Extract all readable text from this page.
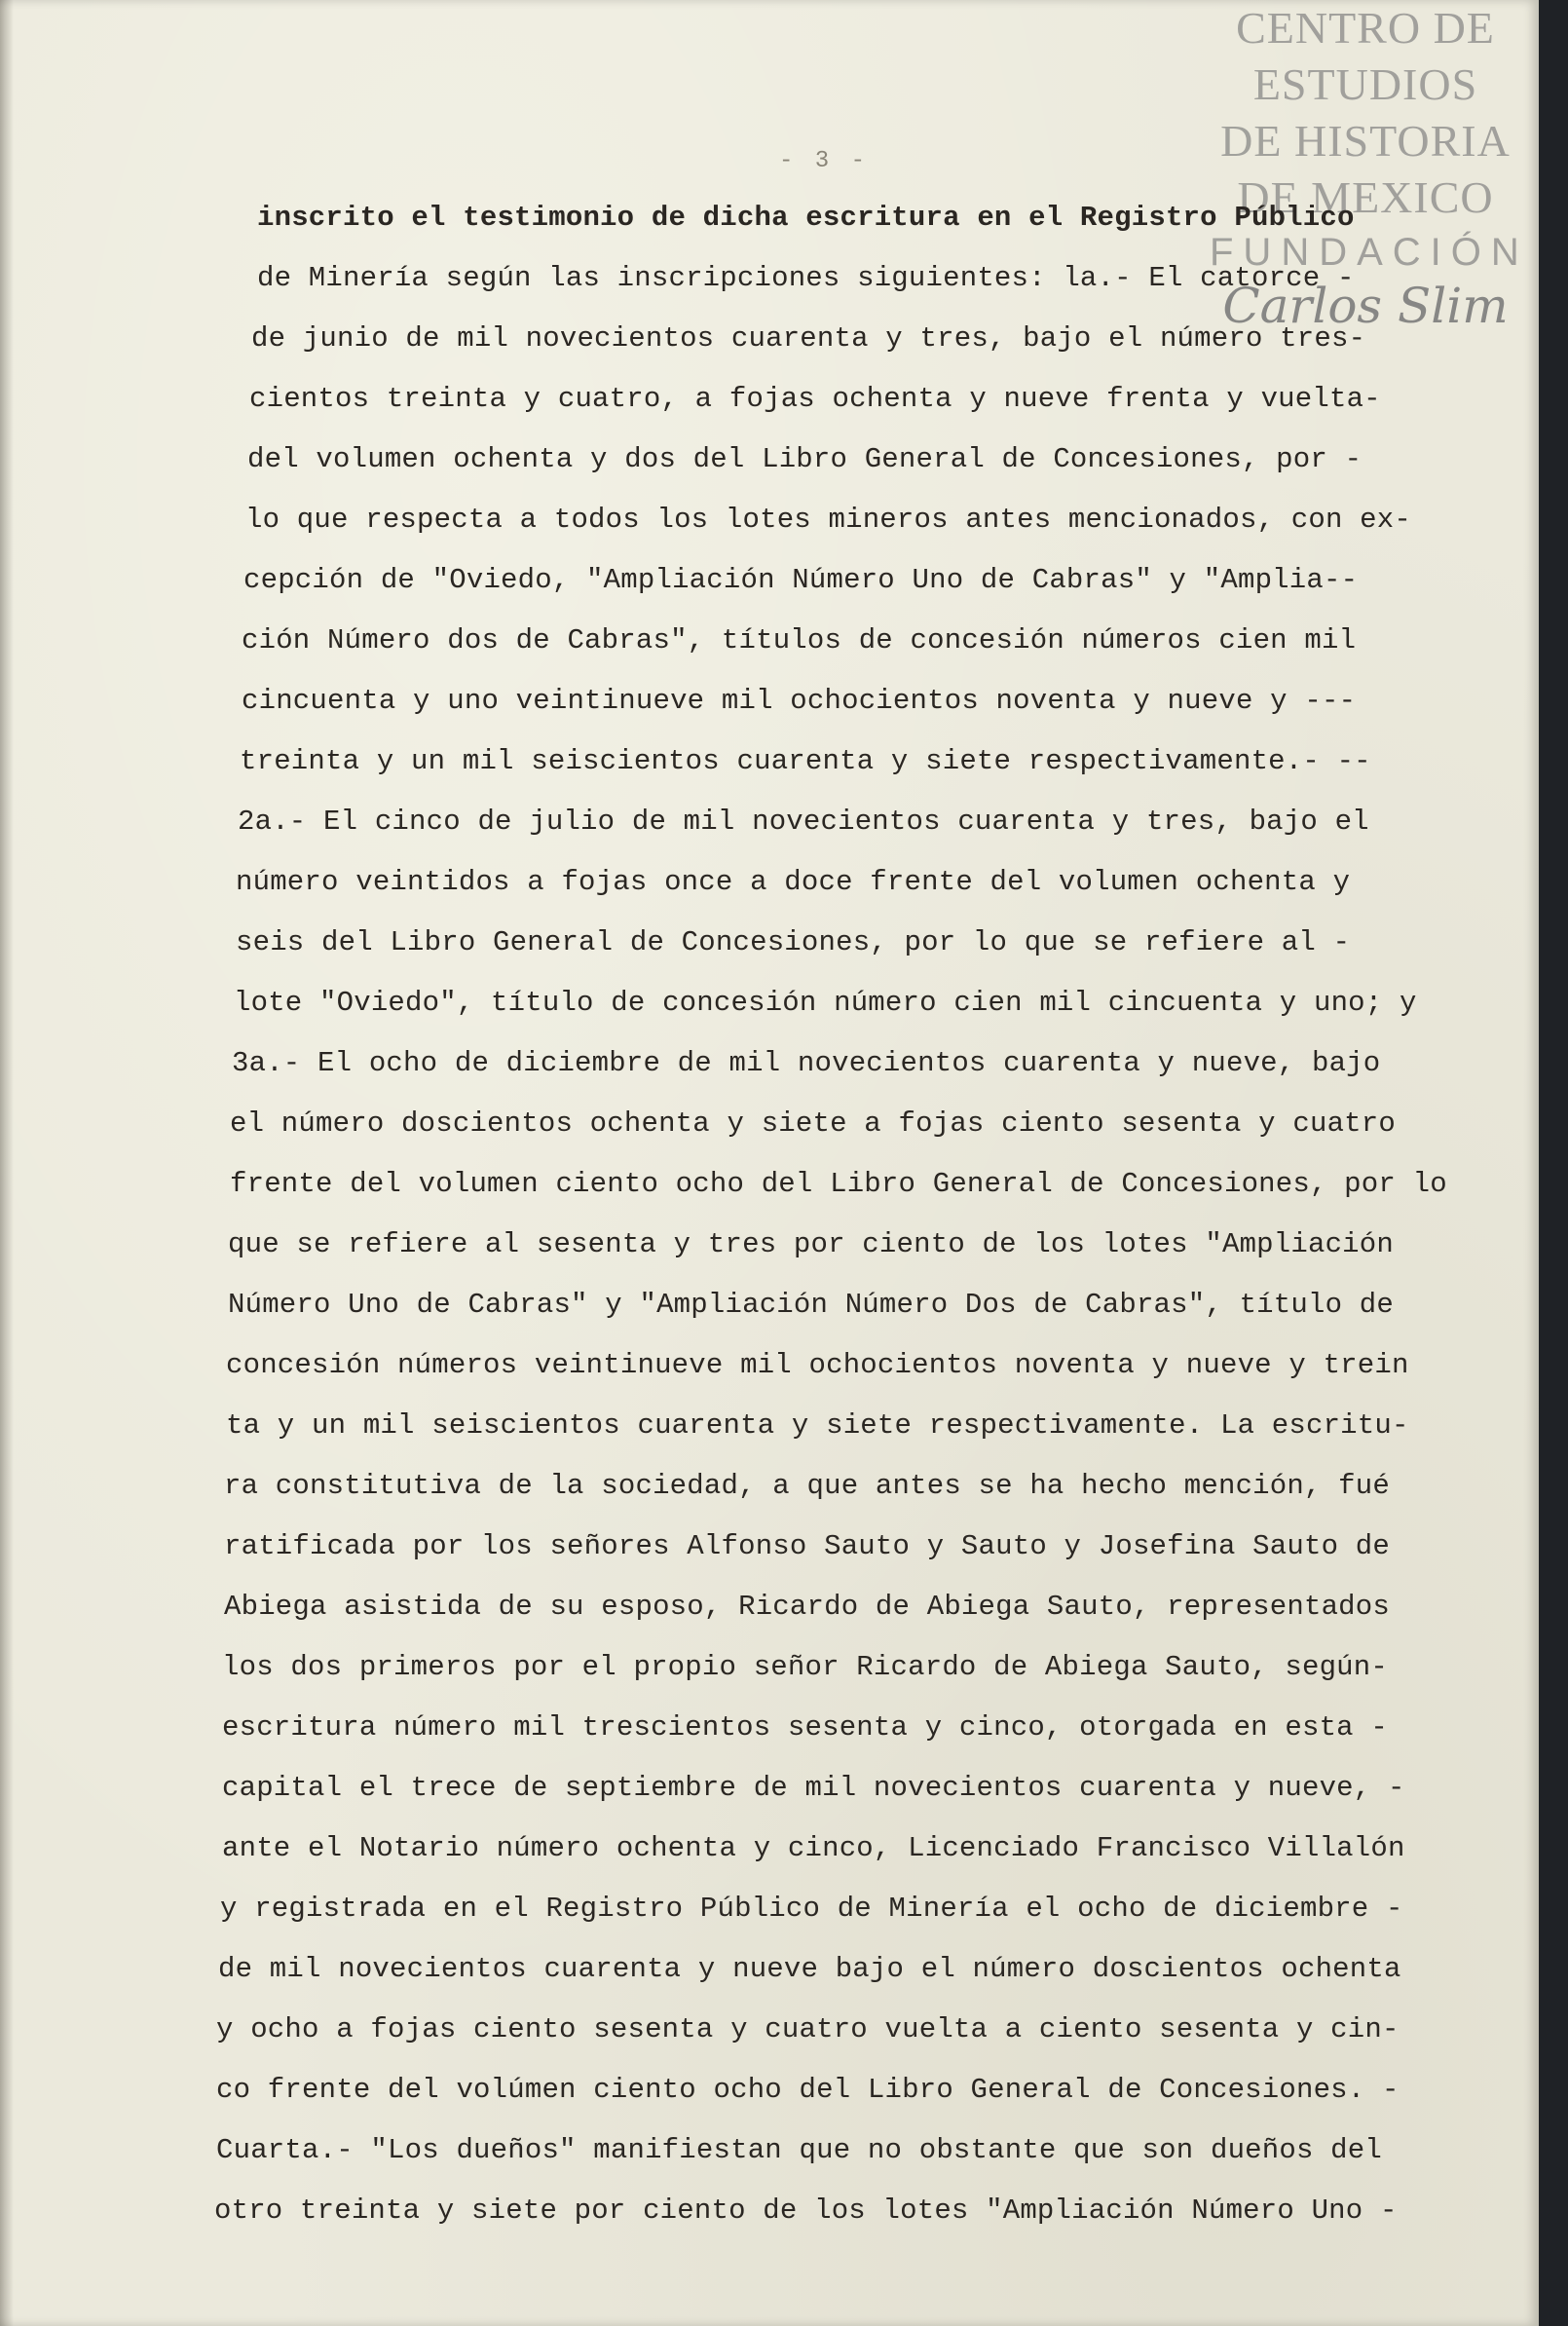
CENTRO DE
ESTUDIOS
DE HISTORIA
DE MEXICO
FUNDACIÓN
Carlos Slim
- 3 -
inscrito el testimonio de dicha escritura en el Registro Público
de Minería según las inscripciones siguientes: la.- El catorce -
de junio de mil novecientos cuarenta y tres, bajo el número tres-
cientos treinta y cuatro, a fojas ochenta y nueve frenta y vuelta-
del volumen ochenta y dos del Libro General de Concesiones, por -
lo que respecta a todos los lotes mineros antes mencionados, con ex-
cepción de "Oviedo, "Ampliación Número Uno de Cabras" y "Amplia--
ción Número dos de Cabras", títulos de concesión números cien mil
cincuenta y uno veintinueve mil ochocientos noventa y nueve y ---
treinta y un mil seiscientos cuarenta y siete respectivamente.- --
2a.- El cinco de julio de mil novecientos cuarenta y tres, bajo el
número veintidos a fojas once a doce frente del volumen ochenta y
seis del Libro General de Concesiones, por lo que se refiere al -
lote "Oviedo", título de concesión número cien mil cincuenta y uno; y
3a.- El ocho de diciembre de mil novecientos cuarenta y nueve, bajo
el número doscientos ochenta y siete a fojas ciento sesenta y cuatro
frente del volumen ciento ocho del Libro General de Concesiones, por lo
que se refiere al sesenta y tres por ciento de los lotes "Ampliación
Número Uno de Cabras" y "Ampliación Número Dos de Cabras", título de
concesión números veintinueve mil ochocientos noventa y nueve y trein
ta y un mil seiscientos cuarenta y siete respectivamente. La escritu-
ra constitutiva de la sociedad, a que antes se ha hecho mención, fué
ratificada por los señores Alfonso Sauto y Sauto y Josefina Sauto de
Abiega asistida de su esposo, Ricardo de Abiega Sauto, representados
los dos primeros por el propio señor Ricardo de Abiega Sauto, según-
escritura número mil trescientos sesenta y cinco, otorgada en esta -
capital el trece de septiembre de mil novecientos cuarenta y nueve, -
ante el Notario número ochenta y cinco, Licenciado Francisco Villalón
y registrada en el Registro Público de Minería el ocho de diciembre -
de mil novecientos cuarenta y nueve bajo el número doscientos ochenta
y ocho a fojas ciento sesenta y cuatro vuelta a ciento sesenta y cin-
co frente del volúmen ciento ocho del Libro General de Concesiones. -
Cuarta.- "Los dueños" manifiestan que no obstante que son dueños del
otro treinta y siete por ciento de los lotes "Ampliación Número Uno -
